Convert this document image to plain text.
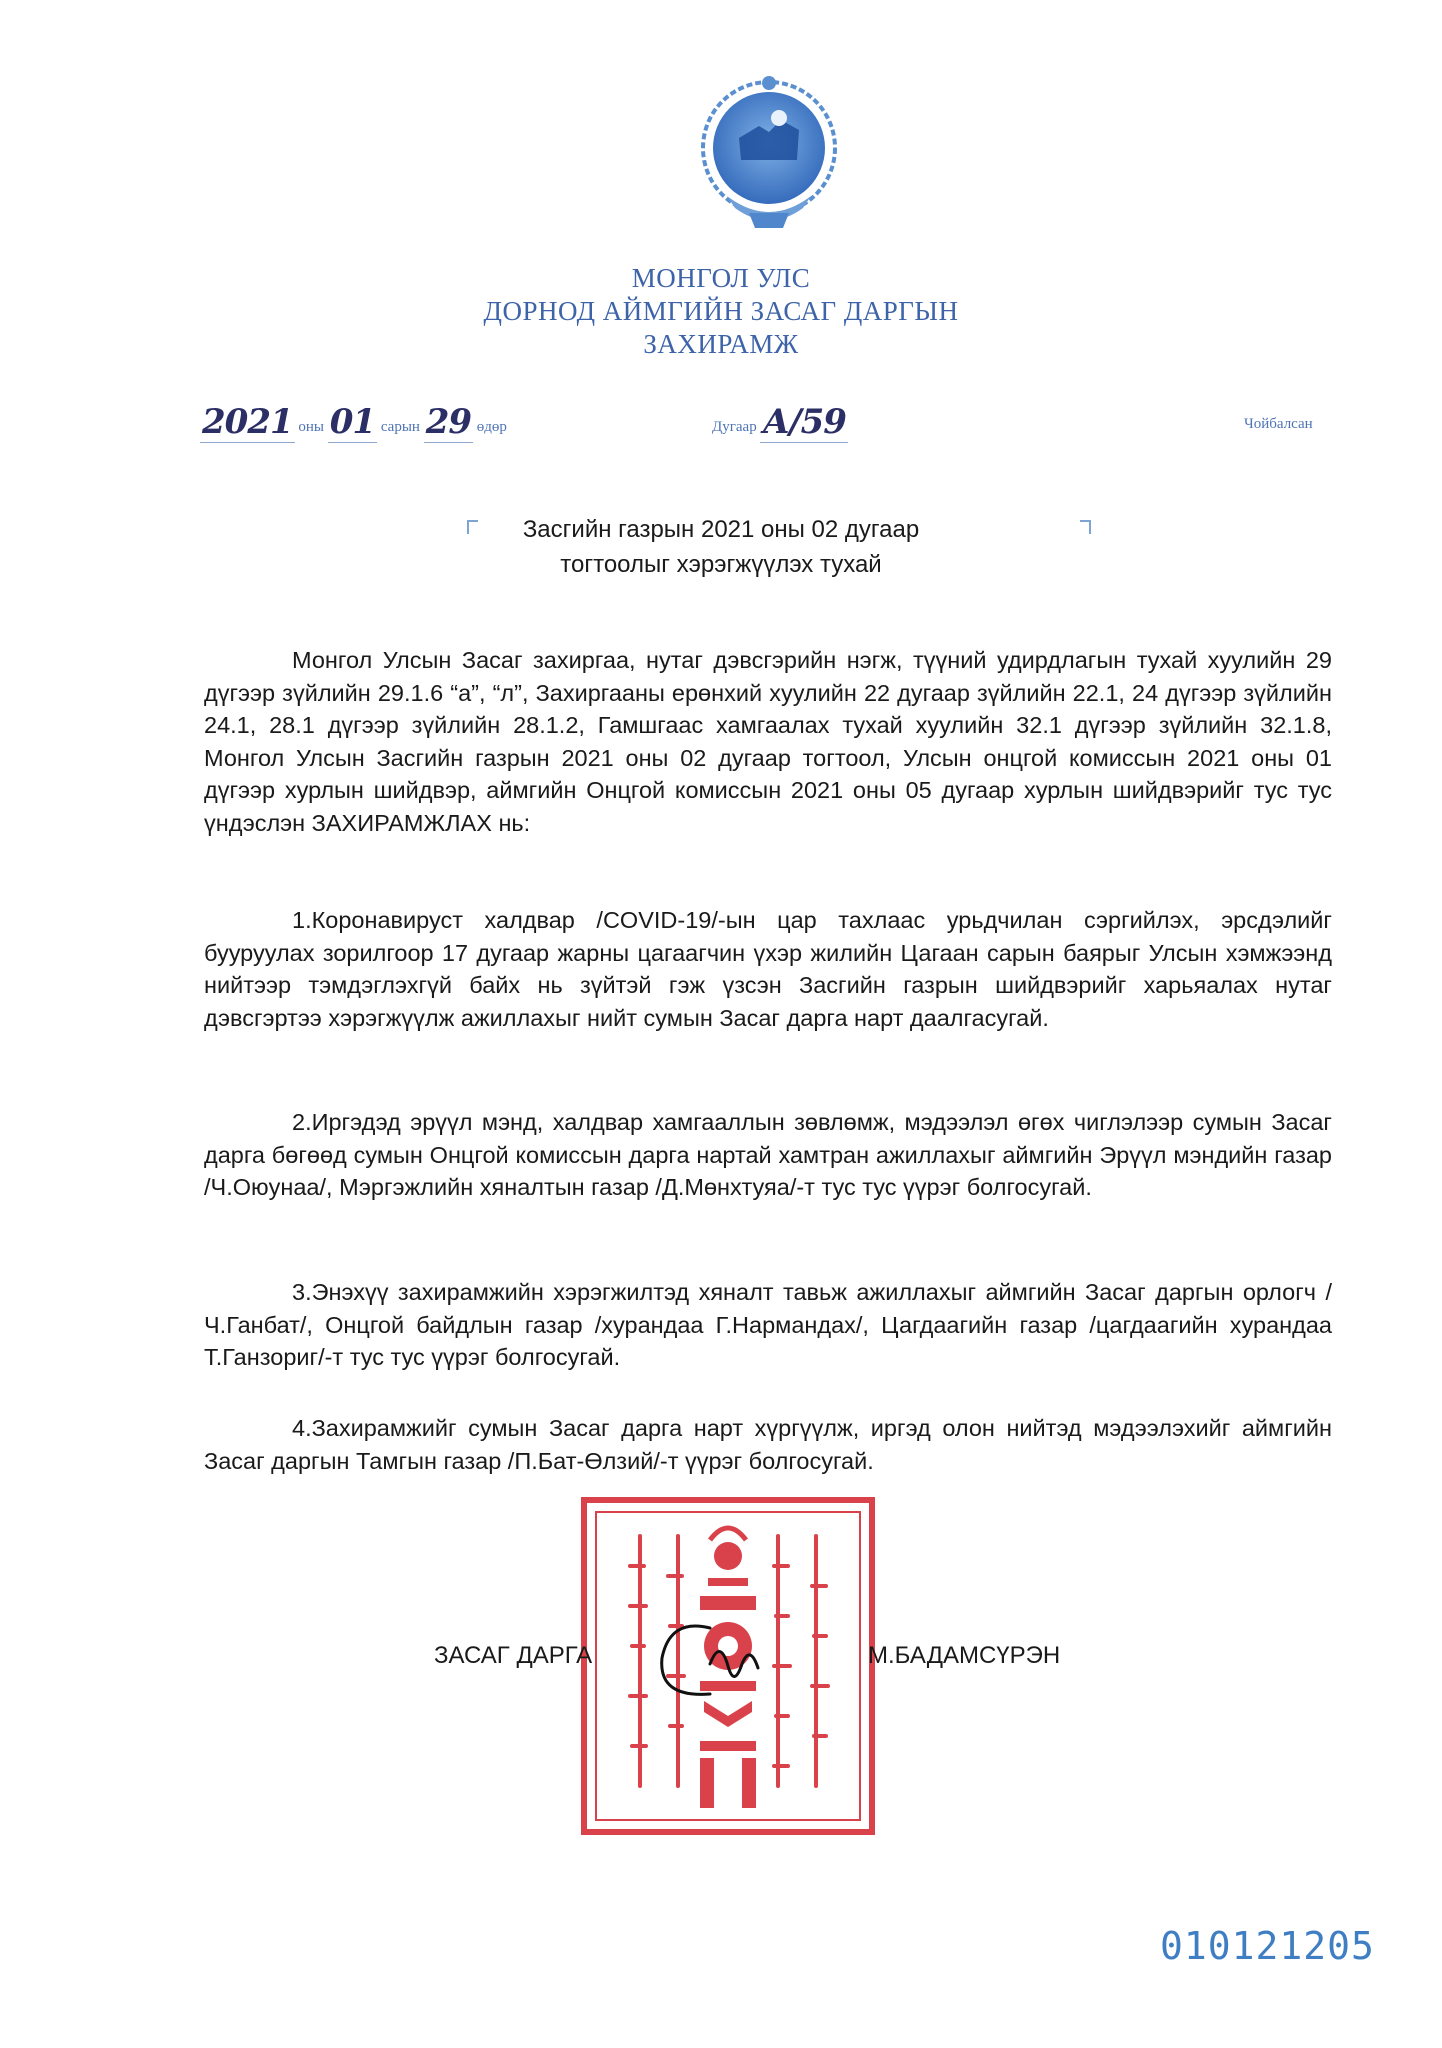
МОНГОЛ УЛС
ДОРНОД АЙМГИЙН ЗАСАГ ДАРГЫН
ЗАХИРАМЖ
2021 оны 01 сарын 29 өдөр	Дугаар А/59	Чойбалсан
Засгийн газрын 2021 оны 02 дугаар
тогтоолыг хэрэгжүүлэх тухай
Монгол Улсын Засаг захиргаа, нутаг дэвсгэрийн нэгж, түүний удирдлагын тухай хуулийн 29 дүгээр зүйлийн 29.1.6 “а”, “л”, Захиргааны ерөнхий хуулийн 22 дугаар зүйлийн 22.1, 24 дүгээр зүйлийн 24.1, 28.1 дүгээр зүйлийн 28.1.2, Гамшгаас хамгаалах тухай хуулийн 32.1 дүгээр зүйлийн 32.1.8, Монгол Улсын Засгийн газрын 2021 оны 02 дугаар тогтоол, Улсын онцгой комиссын 2021 оны 01 дүгээр хурлын шийдвэр, аймгийн Онцгой комиссын 2021 оны 05 дугаар хурлын шийдвэрийг тус тус үндэслэн ЗАХИРАМЖЛАХ нь:
1.Коронавируст халдвар /COVID-19/-ын цар тахлаас урьдчилан сэргийлэх, эрсдэлийг бууруулах зорилгоор 17 дугаар жарны цагаагчин үхэр жилийн Цагаан сарын баярыг Улсын хэмжээнд нийтээр тэмдэглэхгүй байх нь зүйтэй гэж үзсэн Засгийн газрын шийдвэрийг харьяалах нутаг дэвсгэртээ хэрэгжүүлж ажиллахыг нийт сумын Засаг дарга нарт даалгасугай.
2.Иргэдэд эрүүл мэнд, халдвар хамгааллын зөвлөмж, мэдээлэл өгөх чиглэлээр сумын Засаг дарга бөгөөд сумын Онцгой комиссын дарга нартай хамтран ажиллахыг аймгийн Эрүүл мэндийн газар /Ч.Оюунаа/, Мэргэжлийн хяналтын газар /Д.Мөнхтуяа/-т тус тус үүрэг болгосугай.
3.Энэхүү захирамжийн хэрэгжилтэд хяналт тавьж ажиллахыг аймгийн Засаг даргын орлогч /Ч.Ганбат/, Онцгой байдлын газар /хурандаа Г.Нармандах/, Цагдаагийн газар /цагдаагийн хурандаа Т.Ганзориг/-т тус тус үүрэг болгосугай.
4.Захирамжийг сумын Засаг дарга нарт хүргүүлж, иргэд олон нийтэд мэдээлэхийг аймгийн Засаг даргын Тамгын газар /П.Бат-Өлзий/-т үүрэг болгосугай.
ЗАСАГ ДАРГА	М.БАДАМСҮРЭН
010121205
